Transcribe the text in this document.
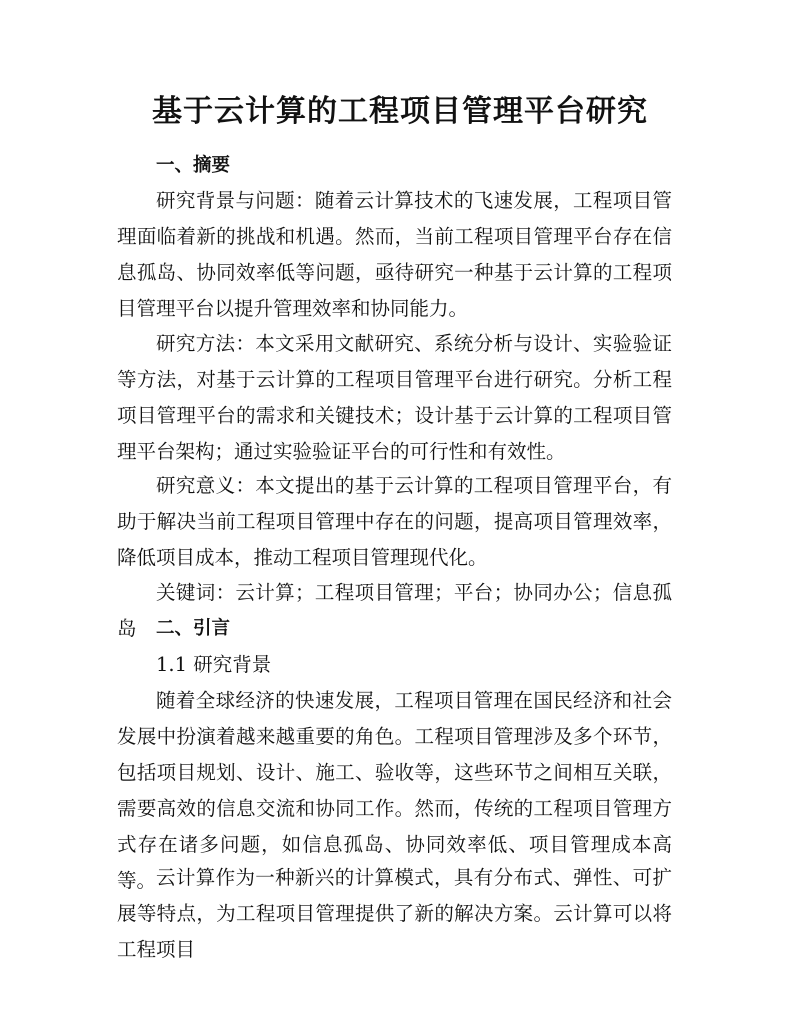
基于云计算的工程项目管理平台研究

一、摘要

研究背景与问题：随着云计算技术的飞速发展，工程项目管理面临着新的挑战和机遇。然而，当前工程项目管理平台存在信息孤岛、协同效率低等问题，亟待研究一种基于云计算的工程项目管理平台以提升管理效率和协同能力。

研究方法：本文采用文献研究、系统分析与设计、实验验证等方法，对基于云计算的工程项目管理平台进行研究。分析工程项目管理平台的需求和关键技术；设计基于云计算的工程项目管理平台架构；通过实验验证平台的可行性和有效性。

研究意义：本文提出的基于云计算的工程项目管理平台，有助于解决当前工程项目管理中存在的问题，提高项目管理效率，降低项目成本，推动工程项目管理现代化。

关键词：云计算；工程项目管理；平台；协同办公；信息孤岛	二、引言

1.1 研究背景

随着全球经济的快速发展，工程项目管理在国民经济和社会发展中扮演着越来越重要的角色。工程项目管理涉及多个环节，包括项目规划、设计、施工、验收等，这些环节之间相互关联，需要高效的信息交流和协同工作。然而，传统的工程项目管理方式存在诸多问题，如信息孤岛、协同效率低、项目管理成本高等。 云计算作为一种新兴的计算模式，具有分布式、弹性、可扩展等特点，为工程项目管理提供了新的解决方案。云计算可以将工程项目
